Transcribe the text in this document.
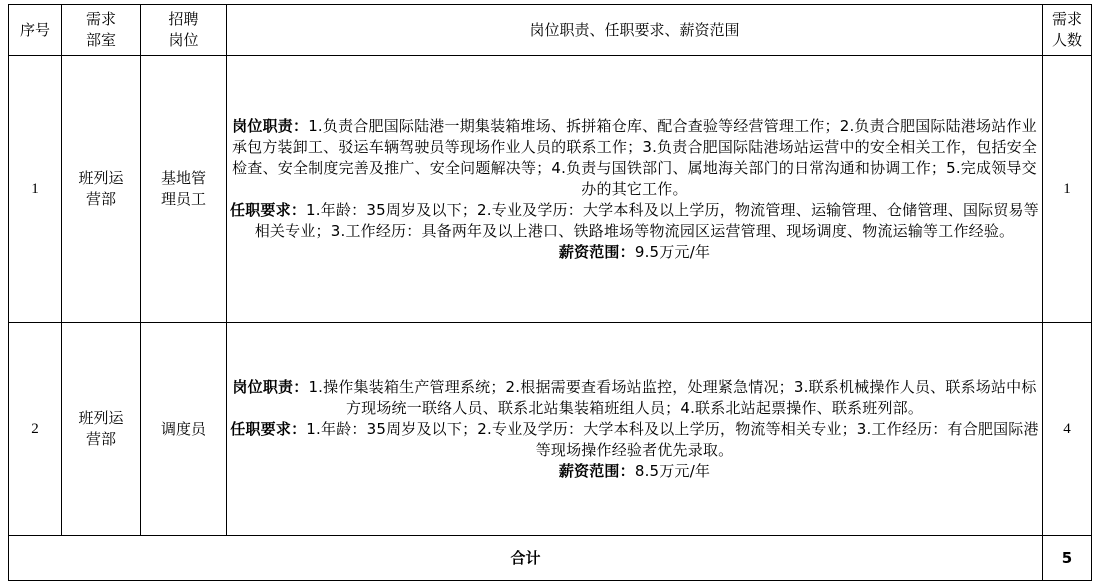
序号	需求部室	招聘岗位	岗位职责、任职要求、薪资范围	需求人数

1	班列运营部	基地管理员工	岗位职责：1.负责合肥国际陆港一期集装箱堆场、拆拼箱仓库、配合查验等经营管理工作；2.负责合肥国际陆港场站作业承包方装卸工、驳运车辆驾驶员等现场作业人员的联系工作；3.负责合肥国际陆港场站运营中的安全相关工作，包括安全检查、安全制度完善及推广、安全问题解决等；4.负责与国铁部门、属地海关部门的日常沟通和协调工作；5.完成领导交办的其它工作。
任职要求：1.年龄：35周岁及以下；2.专业及学历：大学本科及以上学历，物流管理、运输管理、仓储管理、国际贸易等相关专业；3.工作经历：具备两年及以上港口、铁路堆场等物流园区运营管理、现场调度、物流运输等工作经验。
薪资范围：9.5万元/年	1
2	班列运营部	调度员	岗位职责：1.操作集装箱生产管理系统；2.根据需要查看场站监控，处理紧急情况；3.联系机械操作人员、联系场站中标方现场统一联络人员、联系北站集装箱班组人员；4.联系北站起票操作、联系班列部。
任职要求：1.年龄：35周岁及以下；2.专业及学历：大学本科及以上学历，物流等相关专业；3.工作经历：有合肥国际港等现场操作经验者优先录取。
薪资范围：8.5万元/年	4
合计				5
